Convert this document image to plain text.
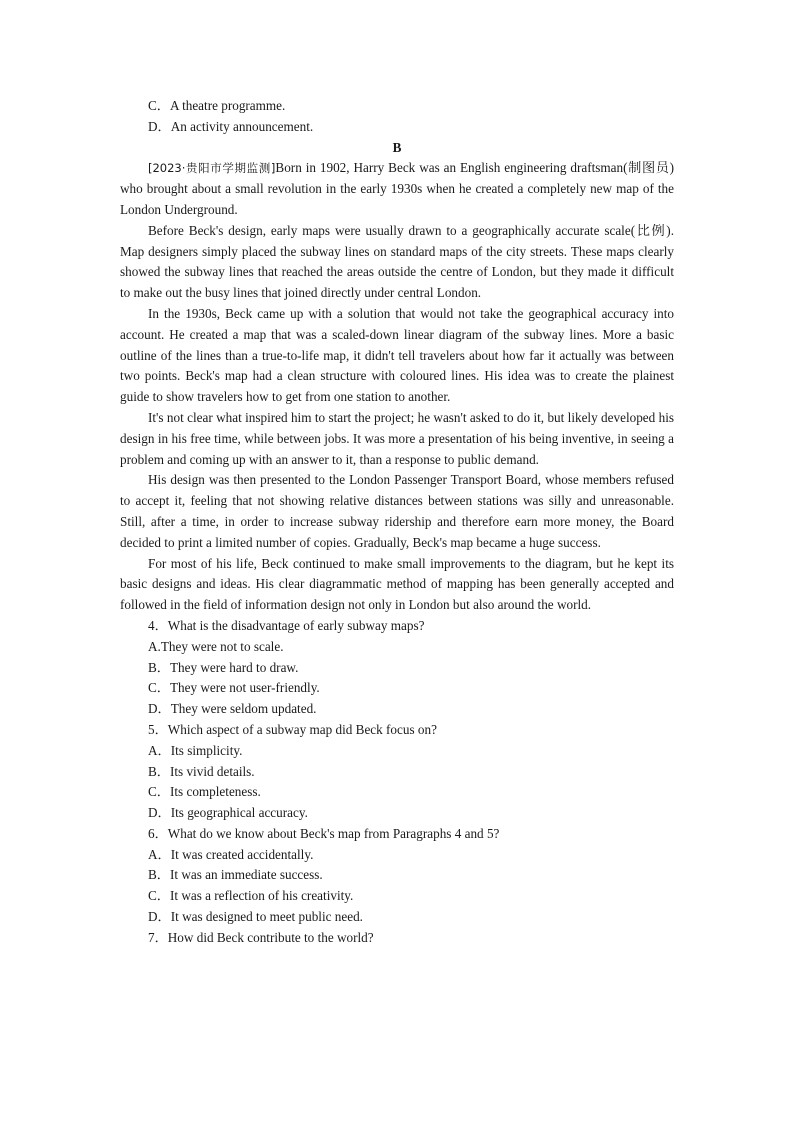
C．A theatre programme.

D．An activity announcement.

B

[2023·贵阳市学期监测]Born in 1902, Harry Beck was an English engineering draftsman(制图员) who brought about a small revolution in the early 1930s when he created a completely new map of the London Underground.

Before Beck's design, early maps were usually drawn to a geographically accurate scale(比例). Map designers simply placed the subway lines on standard maps of the city streets. These maps clearly showed the subway lines that reached the areas outside the centre of London, but they made it difficult to make out the busy lines that joined directly under central London.

In the 1930s, Beck came up with a solution that would not take the geographical accuracy into account. He created a map that was a scaled-down linear diagram of the subway lines. More a basic outline of the lines than a true-to-life map, it didn't tell travelers about how far it actually was between two points. Beck's map had a clean structure with coloured lines. His idea was to create the plainest guide to show travelers how to get from one station to another.

It's not clear what inspired him to start the project; he wasn't asked to do it, but likely developed his design in his free time, while between jobs. It was more a presentation of his being inventive, in seeing a problem and coming up with an answer to it, than a response to public demand.

His design was then presented to the London Passenger Transport Board, whose members refused to accept it, feeling that not showing relative distances between stations was silly and unreasonable. Still, after a time, in order to increase subway ridership and therefore earn more money, the Board decided to print a limited number of copies. Gradually, Beck's map became a huge success.

For most of his life, Beck continued to make small improvements to the diagram, but he kept its basic designs and ideas. His clear diagrammatic method of mapping has been generally accepted and followed in the field of information design not only in London but also around the world.

4．What is the disadvantage of early subway maps?

A.They were not to scale.

B．They were hard to draw.

C．They were not user-friendly.

D．They were seldom updated.

5．Which aspect of a subway map did Beck focus on?

A．Its simplicity.

B．Its vivid details.

C．Its completeness.

D．Its geographical accuracy.

6．What do we know about Beck's map from Paragraphs 4 and 5?

A．It was created accidentally.

B．It was an immediate success.

C．It was a reflection of his creativity.

D．It was designed to meet public need.

7．How did Beck contribute to the world?
